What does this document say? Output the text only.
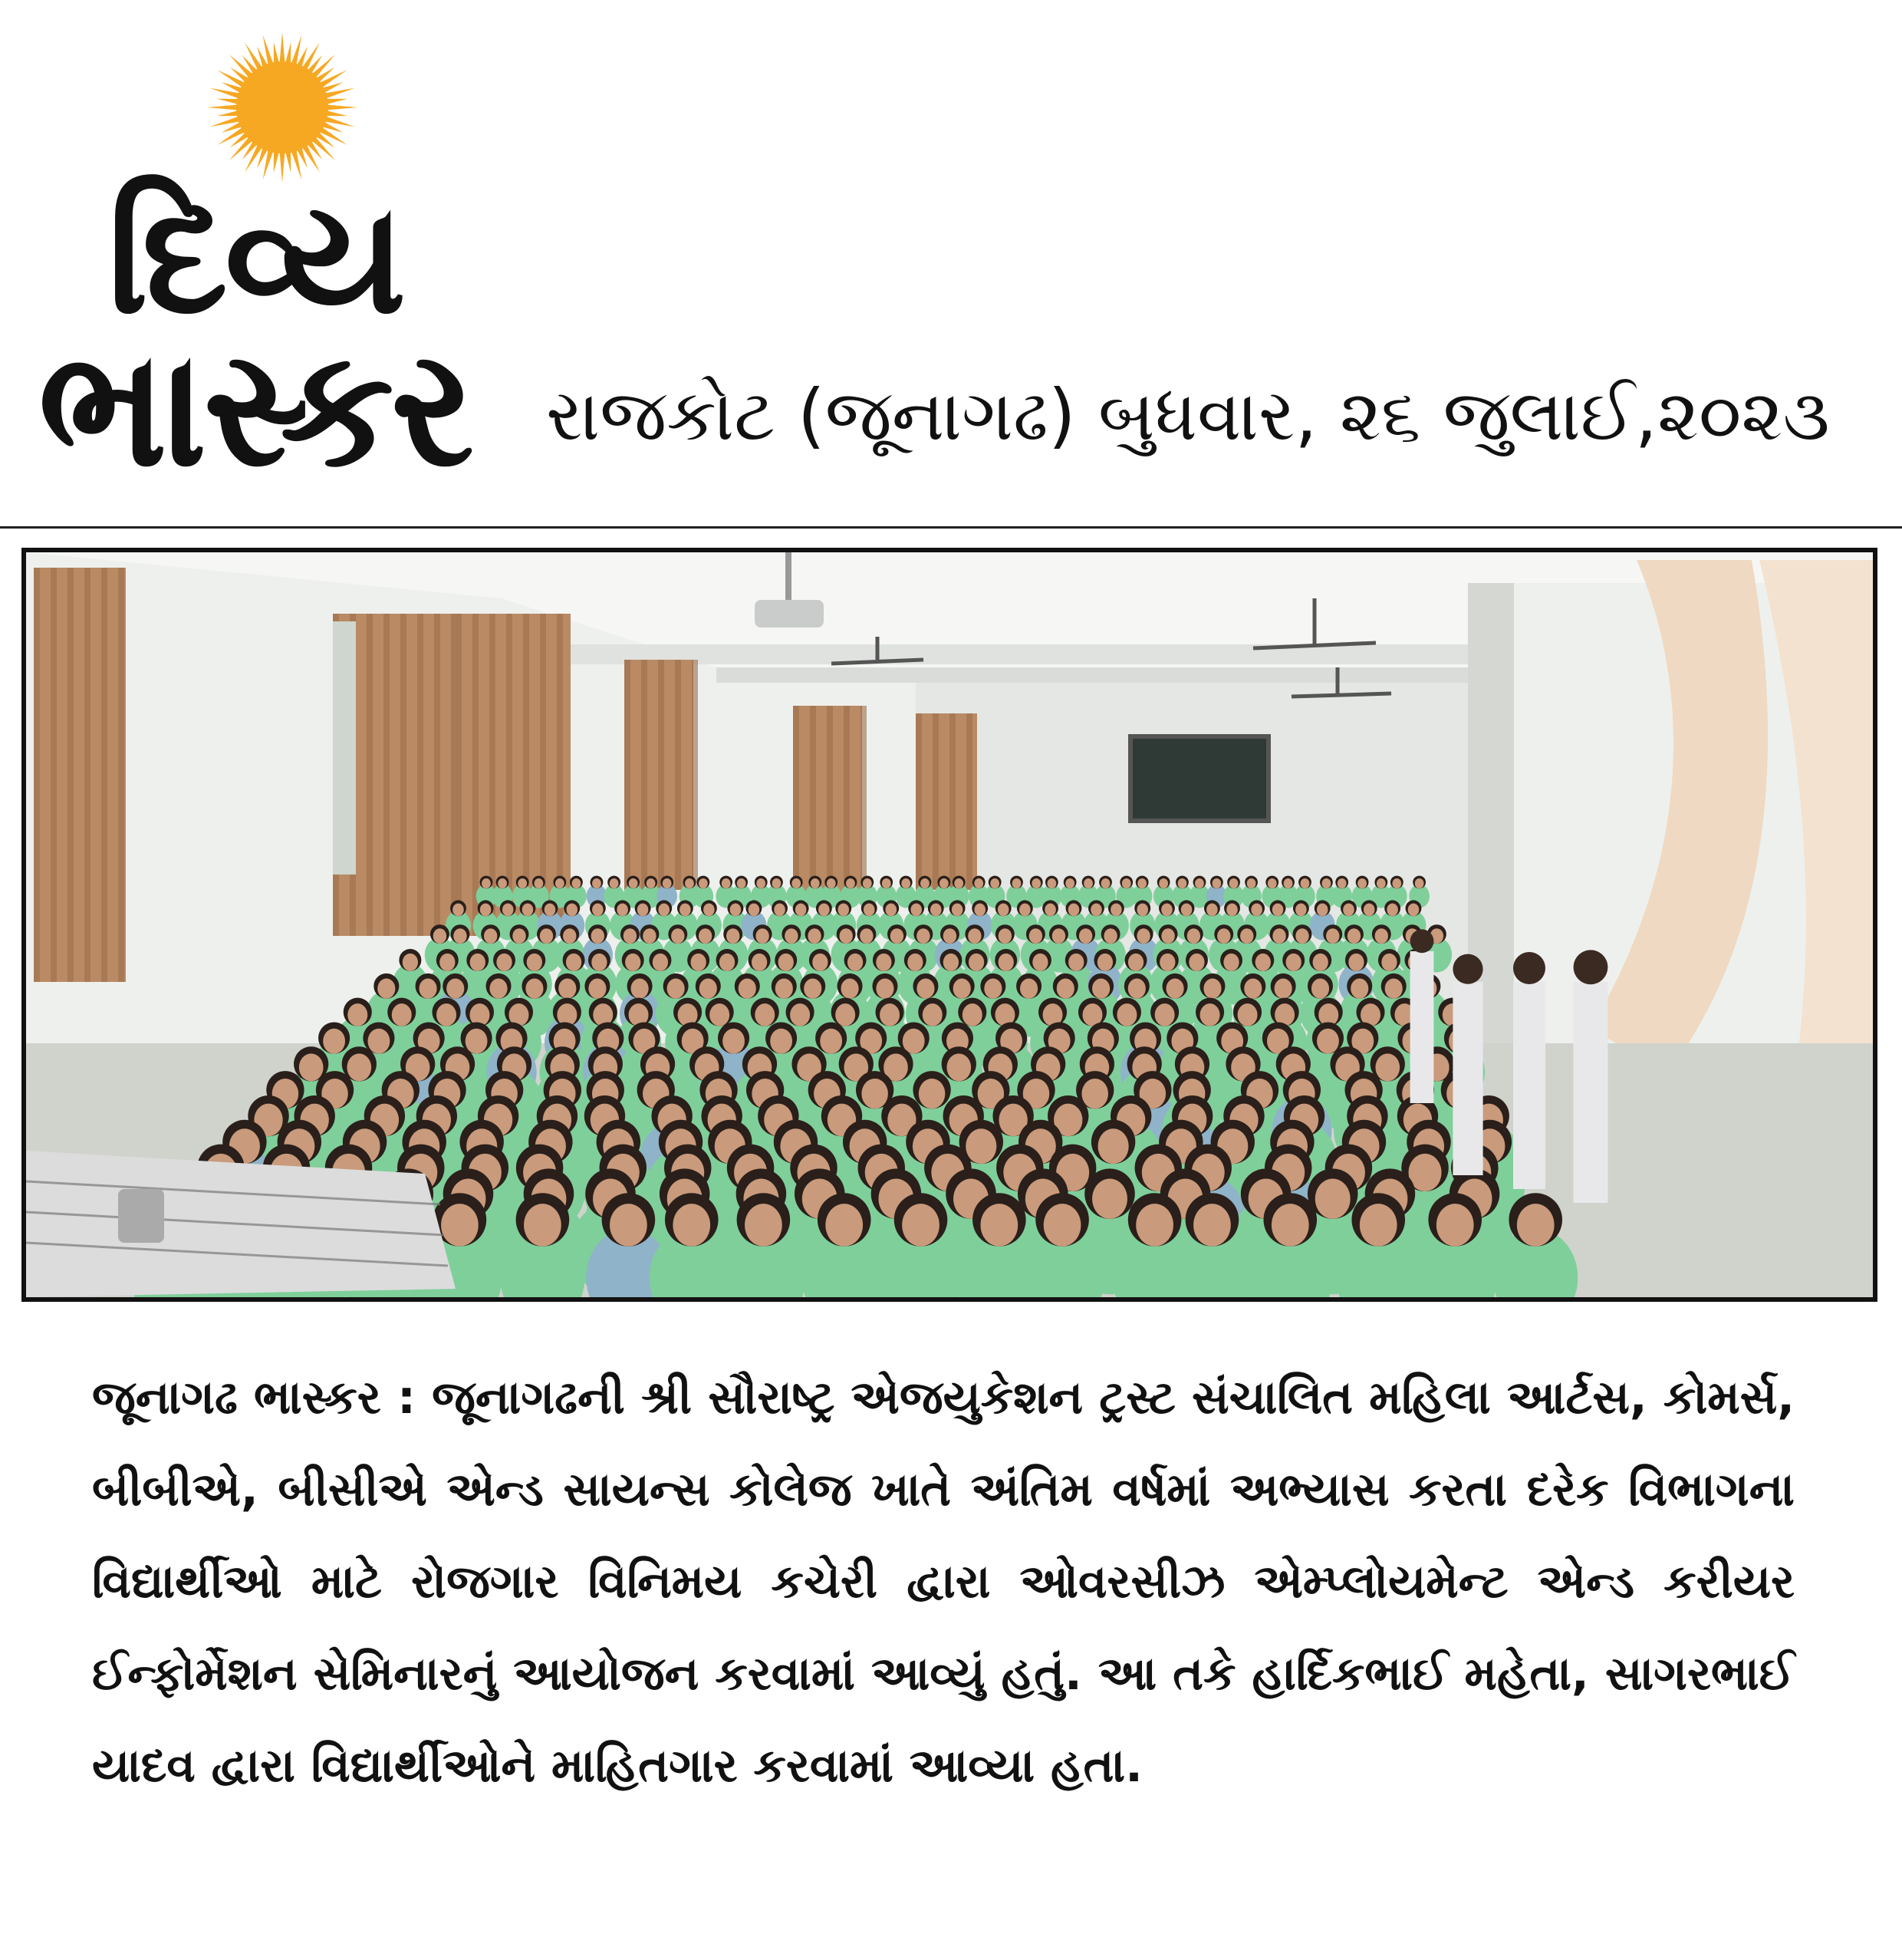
દિવ્ય
ભાસ્કર રાજકોટ (જૂનાગઢ) બુધવાર, ૨૬ જુલાઈ,૨૦૨૩
જૂનાગઢ ભાસ્કર : જૂનાગઢની શ્રી સૌરાષ્ટ્ર એજયુકેશન ટ્રસ્ટ સંચાલિત મહિલા આર્ટસ, કોમર્સ, બીબીએ, બીસીએ એન્ડ સાયન્સ કોલેજ ખાતે અંતિમ વર્ષમાં અભ્યાસ કરતા દરેક વિભાગના વિદ્યાર્થીઓ માટે રોજગાર વિનિમય કચેરી દ્વારા ઓવરસીઝ એમ્પ્લોયમેન્ટ એન્ડ કરીયર ઈન્ફોર્મેશન સેમિનારનું આયોજન કરવામાં આવ્યું હતું. આ તકે હાર્દિકભાઈ મહેતા, સાગરભાઈ યાદવ દ્વારા વિદ્યાર્થીઓને માહિતગાર કરવામાં આવ્યા હતા.
